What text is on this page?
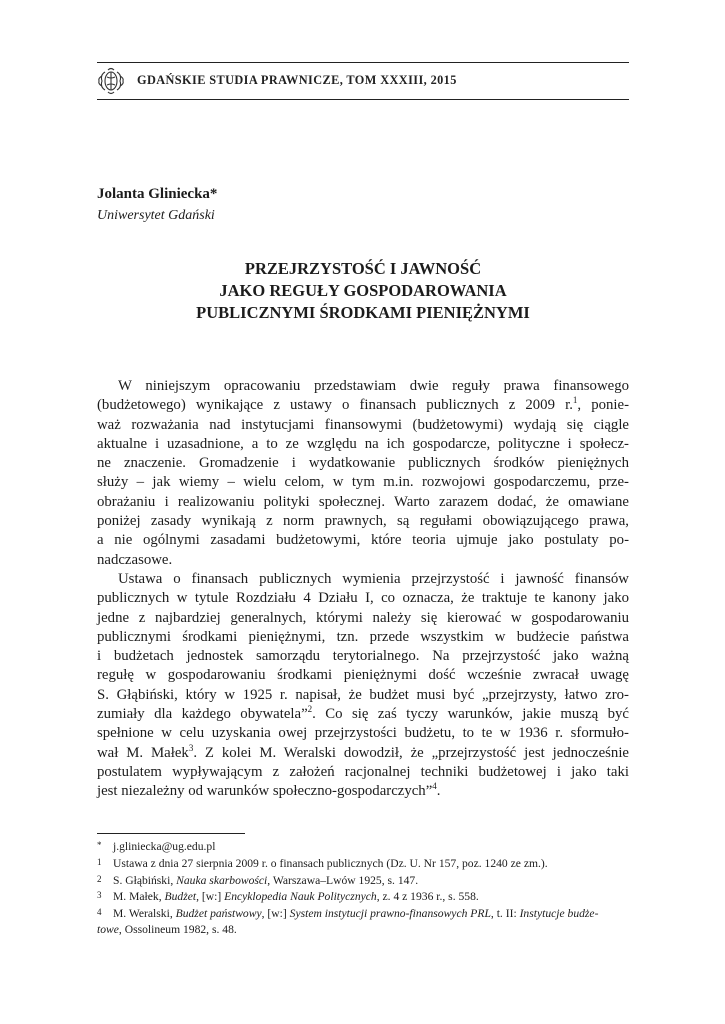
GDAŃSKIE STUDIA PRAWNICZE, TOM XXXIII, 2015
Jolanta Gliniecka*
Uniwersytet Gdański
PRZEJRZYSTOŚĆ I JAWNOŚĆ
JAKO REGUŁY GOSPODAROWANIA
PUBLICZNYMI ŚRODKAMI PIENIĘŻNYMI
W niniejszym opracowaniu przedstawiam dwie reguły prawa finansowego
(budżetowego) wynikające z ustawy o finansach publicznych z 2009 r.$^1$, ponie-
waż rozważania nad instytucjami finansowymi (budżetowymi) wydają się ciągle
aktualne i uzasadnione, a to ze względu na ich gospodarcze, polityczne i społecz-
ne znaczenie. Gromadzenie i wydatkowanie publicznych środków pieniężnych
służy – jak wiemy – wielu celom, w tym m.in. rozwojowi gospodarczemu, prze-
obrażaniu i realizowaniu polityki społecznej. Warto zarazem dodać, że omawiane
poniżej zasady wynikają z norm prawnych, są regułami obowiązującego prawa,
a nie ogólnymi zasadami budżetowymi, które teoria ujmuje jako postulaty po-
nadczasowe.
Ustawa o finansach publicznych wymienia przejrzystość i jawność finansów
publicznych w tytule Rozdziału 4 Działu I, co oznacza, że traktuje te kanony jako
jedne z najbardziej generalnych, którymi należy się kierować w gospodarowaniu
publicznymi środkami pieniężnymi, tzn. przede wszystkim w budżecie państwa
i budżetach jednostek samorządu terytorialnego. Na przejrzystość jako ważną
regułę w gospodarowaniu środkami pieniężnymi dość wcześnie zwracał uwagę
S. Głąbiński, który w 1925 r. napisał, że budżet musi być „przejrzysty, łatwo zro-
zumiały dla każdego obywatela”$^2$. Co się zaś tyczy warunków, jakie muszą być
spełnione w celu uzyskania owej przejrzystości budżetu, to te w 1936 r. sformuło-
wał M. Małek$^3$. Z kolei M. Weralski dowodził, że „przejrzystość jest jednocześnie
postulatem wypływającym z założeń racjonalnej techniki budżetowej i jako taki
jest niezależny od warunków społeczno-gospodarczych”$^4$.
* j.gliniecka@ug.edu.pl
1 Ustawa z dnia 27 sierpnia 2009 r. o finansach publicznych (Dz. U. Nr 157, poz. 1240 ze zm.).
2 S. Głąbiński, Nauka skarbowości, Warszawa–Lwów 1925, s. 147.
3 M. Małek, Budżet, [w:] Encyklopedia Nauk Politycznych, z. 4 z 1936 r., s. 558.
4 M. Weralski, Budżet państwowy, [w:] System instytucji prawno-finansowych PRL, t. II: Instytucje budże-
towe, Ossolineum 1982, s. 48.
